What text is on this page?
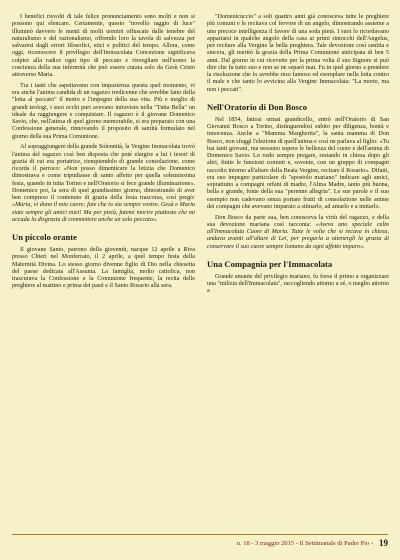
I benefici risvolti di tale felice pronunciamento sono molti e non si possono qui elencare. Certamente, questo "novello raggio di luce" illuminò davvero le menti di molti uomini offuscate dalle tenebre del naturalismo e del razionalismo, offrendo loro la tavola di salvezza per salvaresi dagli errori filosofici, etici e politici del tempo. Allora, come oggi, riconoscere il privilegio dell'Immacolata Concezione significava colpire alla radice ogni tipo di peccato e risvegliare nell'uomo la coscienza della sua infermità che può essere curata solo da Gesù Cristo attraverso Maria.

Tra i tanti che aspettavano con impazienza questa quel momento, vi era anche l'anima candida di un ragazzo tredicenne che avrebbe fatto della "lotta al peccato" il motto e l'impegno della sua vita. Più e meglio di grandi teologi, i suoi occhi puri avevano intravisto nella "Tutta Bella" un ideale da raggiungere e conquistare. Il ragazzo è il giovane Domenico Savio, che, nell'attesa di quel giorno memorabile, si era preparato con una Confessione generale, rinnovando il proposito di santità formulato nel giorno della sua Prima Comunione.

Al sopraggiungere della grande Solennità, la Vergine Immacolata trovò l'anima del ragazzo così ben disposta che poté elargire a lui i tesori di grazia di cui era portatrice, riempiendolo di grande consolazione, come ricorda il parroco: «Non posso dimenticare la letizia che Domenico dimostrava e come tripudiasse di santo affetto per quella solennissima festa, quando in tutta Torino e nell'Oratorio si fece grande illuminazione». Domenico poi, la sera di quel grandissimo giorno, dimostrando di aver ben compreso il contenuto di grazia della festa trascorsa, così pregò: «Maria, vi dono il mio cuore; fate che io sia sempre vostro. Gesù e Maria siate sempre gli amici miei! Ma per pietà, fatemi morire piuttosto che mi accada la disgrazia di commettere anche un solo peccato».

Un piccolo orante

Il giovane Santo, patrono della gioventù, nacque 12 aprile a Riva presso Chieri nel Monferrato, il 2 aprile, a quel tempo festa della Maternità Divina. Lo stesso giorno divenne figlio di Dio nella chiesetta del paese dedicata all'Assunta. La famiglia, molto cattolica, non trascurava la Confessione e la Comunione frequente, la recita delle preghiere al mattino e prima dei pasti e il Santo Rosario alla sera.

"Domenicuccio" a soli quattro anni già conosceva tutte le preghiere più comuni e le recitava col fervore di un angelo, dimostrando assieme a una precoce intelligenza il favore di una soda pietà. I suoi lo ricordavano appartarsi in qualche angolo della casa ai primi rintocchi dell'Angelus, per recitare alla Vergine la bella preghiera. Tale devozione così sentita e sincera, gli meritò la grazia della Prima Comunione anticipata di ben 5 anni. Dal giorno in cui ricevette per la prima volta il suo Signore si può dire che fu tutto suo e non se ne separò mai. Fu in quel giorno a prendere la risoluzione che lo avrebbe reso famoso ed esemplare nella lotta contro il male e che tanto lo avvicina alla Vergine Immacolata: "La morte, ma non i peccati".

Nell'Oratorio di Don Bosco

Nel 1854, fattosi ormai grandicello, entrò nell'Oratorio di San Giovanni Bosco a Torino, distinguendosi subito per diligenza, bontà e innocenza. Anche a "Mamma Margherita", la santa mamma di Don Bosco, non sfuggì l'elezione di quell'anima e così ne parlava al figlio: «Tu hai tanti giovani, ma nessuno supera le bellezza del cuore e dell'anima di Domenico Savio. Lo vedo sempre pregare, restando in chiesa dopo gli altri, finite le funzioni comuni e, sovente, con un gruppo di compagni raccolto intorno all'altare della Beata Vergine, recitare il Rosario». Difatti, era suo impegno particolare di "apostolo mariano" indicare agli amici, soprattutto a compagni orfani di madre, l'Alma Madre, tanto più buona, bella e grande, fonte della sua "perenne allegria". Le sue parole e il suo esempio non cadevano senza portare frutti di consolazione nelle anime dei compagni che avevano imparato a stimarlo, ad amarlo e a imitarlo.

Don Bosco da parte sua, ben conosceva la virtù del ragazzo, e della sua devozione mariana così racconta: «Aveva uno speciale culto all'Immacolata Cuore di Maria. Tutte le volte che si recava in chiesa, andava avanti all'altare di Lei, per pregarla a ottenergli la grazia di conservare il suo cuore sempre lontano da ogni affetto impuro».

Una Compagnia per l'Immacolata

Grande amante del privilegio mariano, fu forse il primo a organizzare una "milizia dell'Immacolata", raccogliendo attorno a sé, o meglio attorno a

n. 18 - 3 maggio 2015 - Il Settimanale di Padre Pio - 19
